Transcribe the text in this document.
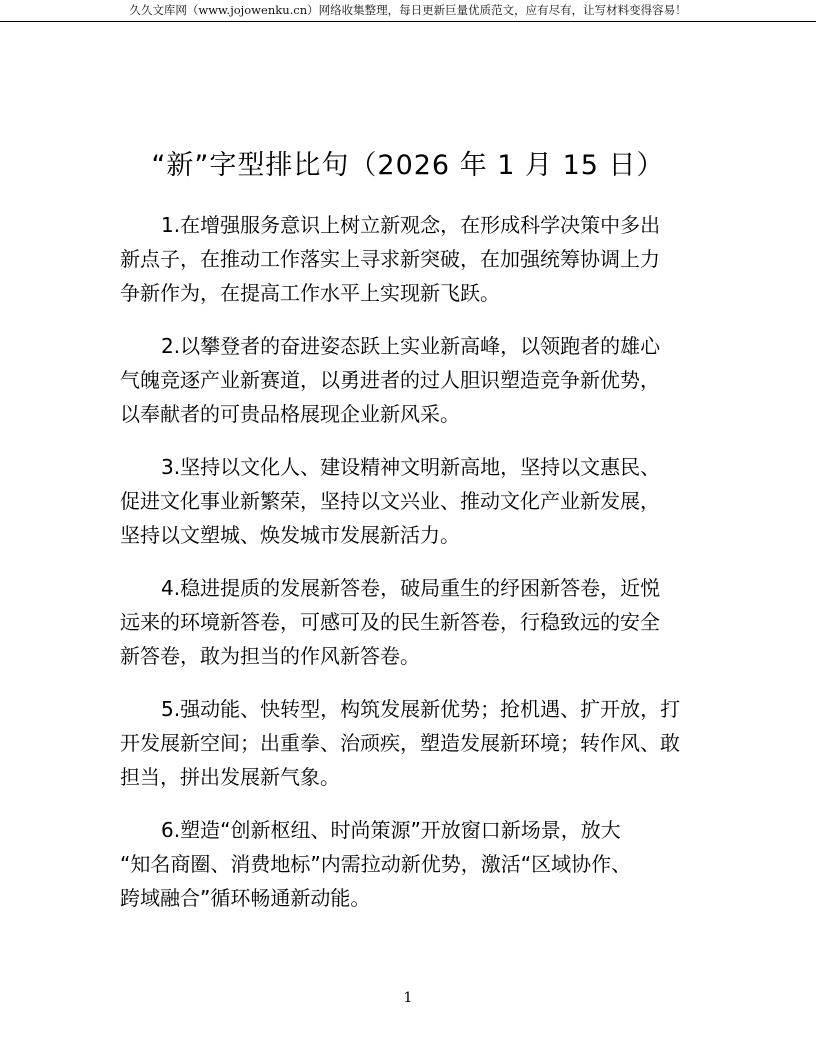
久久文库网（www.jojowenku.cn）网络收集整理，每日更新巨量优质范文，应有尽有，让写材料变得容易！
“新”字型排比句（2026 年 1 月 15 日）

1.在增强服务意识上树立新观念，在形成科学决策中多出
新点子，在推动工作落实上寻求新突破，在加强统筹协调上力
争新作为，在提高工作水平上实现新飞跃。

2.以攀登者的奋进姿态跃上实业新高峰，以领跑者的雄心
气魄竞逐产业新赛道，以勇进者的过人胆识塑造竞争新优势，
以奉献者的可贵品格展现企业新风采。

3.坚持以文化人、建设精神文明新高地，坚持以文惠民、
促进文化事业新繁荣，坚持以文兴业、推动文化产业新发展，
坚持以文塑城、焕发城市发展新活力。

4.稳进提质的发展新答卷，破局重生的纾困新答卷，近悦
远来的环境新答卷，可感可及的民生新答卷，行稳致远的安全
新答卷，敢为担当的作风新答卷。

5.强动能、快转型，构筑发展新优势；抢机遇、扩开放，打
开发展新空间；出重拳、治顽疾，塑造发展新环境；转作风、敢
担当，拼出发展新气象。

6.塑造“创新枢纽、时尚策源”开放窗口新场景，放大
“知名商圈、消费地标”内需拉动新优势，激活“区域协作、
跨域融合”循环畅通新动能。

1
